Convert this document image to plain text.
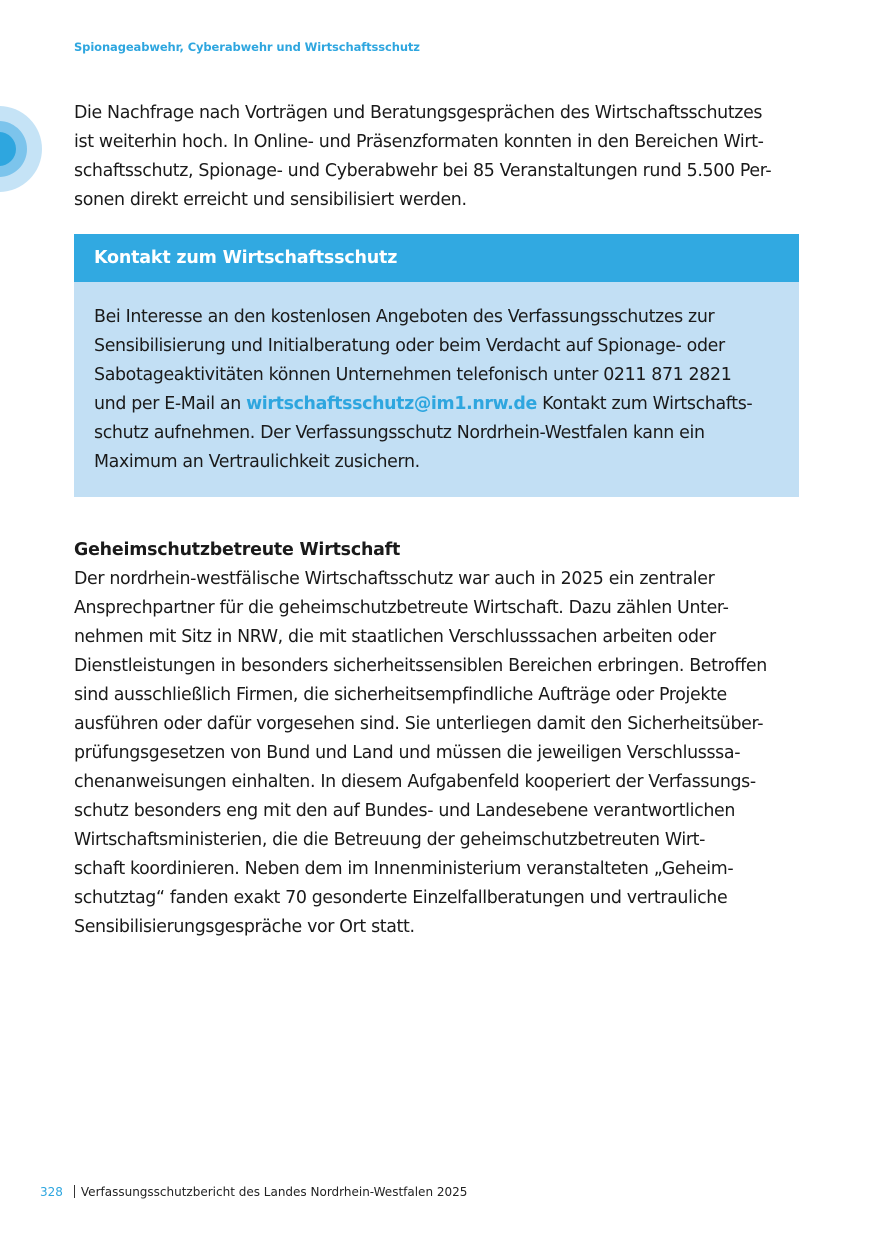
Spionageabwehr, Cyberabwehr und Wirtschaftsschutz

Die Nachfrage nach Vorträgen und Beratungsgesprächen des Wirtschaftsschutzes
ist weiterhin hoch. In Online- und Präsenzformaten konnten in den Bereichen Wirt-
schaftsschutz, Spionage- und Cyberabwehr bei 85 Veranstaltungen rund 5.500 Per-
sonen direkt erreicht und sensibilisiert werden.

Kontakt zum Wirtschaftsschutz
Bei Interesse an den kostenlosen Angeboten des Verfassungsschutzes zur
Sensibilisierung und Initialberatung oder beim Verdacht auf Spionage- oder
Sabotageaktivitäten können Unternehmen telefonisch unter 0211 871 2821
und per E-Mail an wirtschaftsschutz@im1.nrw.de Kontakt zum Wirtschafts-
schutz aufnehmen. Der Verfassungsschutz Nordrhein-Westfalen kann ein
Maximum an Vertraulichkeit zusichern.
Geheimschutzbetreute Wirtschaft

Der nordrhein-westfälische Wirtschaftsschutz war auch in 2025 ein zentraler
Ansprechpartner für die geheimschutzbetreute Wirtschaft. Dazu zählen Unter-
nehmen mit Sitz in NRW, die mit staatlichen Verschlusssachen arbeiten oder
Dienstleistungen in besonders sicherheitssensiblen Bereichen erbringen. Betroffen
sind ausschließlich Firmen, die sicherheitsempfindliche Aufträge oder Projekte
ausführen oder dafür vorgesehen sind. Sie unterliegen damit den Sicherheitsüber-
prüfungsgesetzen von Bund und Land und müssen die jeweiligen Verschlusssa-
chenanweisungen einhalten. In diesem Aufgabenfeld kooperiert der Verfassungs-
schutz besonders eng mit den auf Bundes- und Landesebene verantwortlichen
Wirtschaftsministerien, die die Betreuung der geheimschutzbetreuten Wirt-
schaft koordinieren. Neben dem im Innenministerium veranstalteten „Geheim-
schutztag“ fanden exakt 70 gesonderte Einzelfallberatungen und vertrauliche
Sensibilisierungsgespräche vor Ort statt.

328 Verfassungsschutzbericht des Landes Nordrhein-Westfalen 2025
